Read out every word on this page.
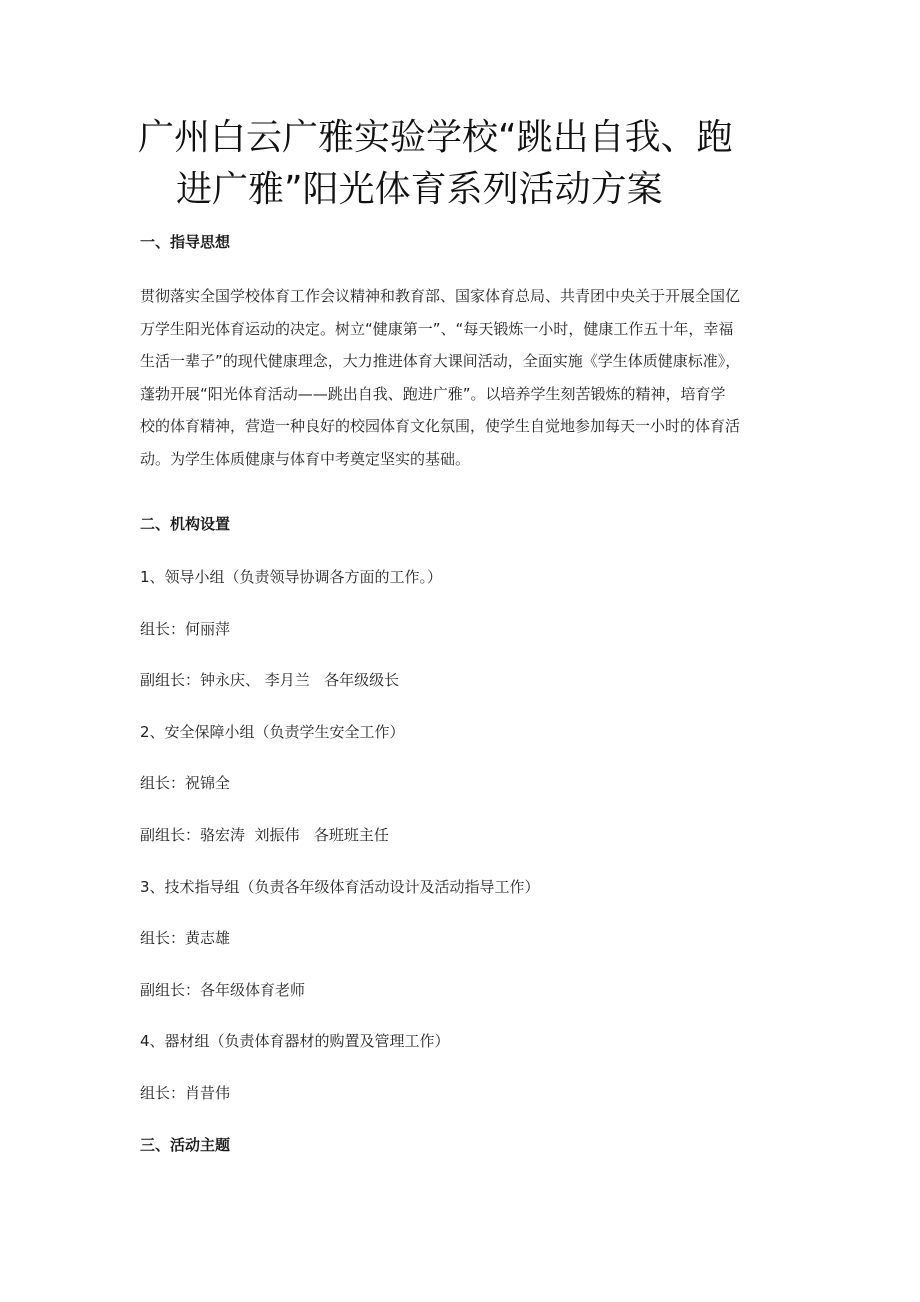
广州白云广雅实验学校“跳出自我、跑
进广雅”阳光体育系列活动方案
一、指导思想

贯彻落实全国学校体育工作会议精神和教育部、国家体育总局、共青团中央关于开展全国亿
万学生阳光体育运动的决定。树立“健康第一”、“每天锻炼一小时，健康工作五十年，幸福
生活一辈子”的现代健康理念，大力推进体育大课间活动，全面实施《学生体质健康标准》，
蓬勃开展“阳光体育活动——跳出自我、跑进广雅”。以培养学生刻苦锻炼的精神，培育学
校的体育精神，营造一种良好的校园体育文化氛围，使学生自觉地参加每天一小时的体育活
动。为学生体质健康与体育中考奠定坚实的基础。

二、机构设置
1、领导小组（负责领导协调各方面的工作。）
组长：何丽萍
副组长：钟永庆、 李月兰   各年级级长
2、安全保障小组（负责学生安全工作）
组长：祝锦全
副组长：骆宏涛  刘振伟   各班班主任
3、技术指导组（负责各年级体育活动设计及活动指导工作）
组长：黄志雄
副组长：各年级体育老师
4、器材组（负责体育器材的购置及管理工作）
组长：肖昔伟
三、活动主题
